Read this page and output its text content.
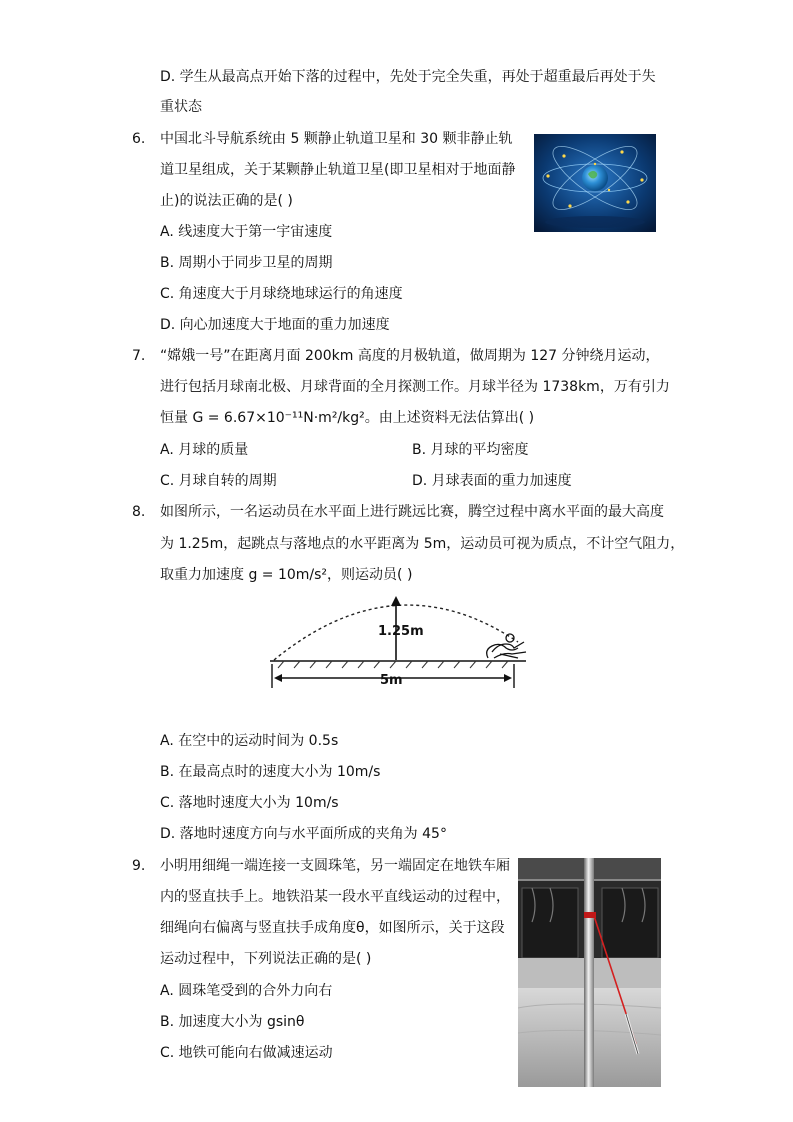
D. 学生从最高点开始下落的过程中，先处于完全失重，再处于超重最后再处于失
重状态
6. 中国北斗导航系统由 5 颗静止轨道卫星和 30 颗非静止轨
道卫星组成，关于某颗静止轨道卫星(即卫星相对于地面静
止)的说法正确的是( )
A. 线速度大于第一宇宙速度
B. 周期小于同步卫星的周期
C. 角速度大于月球绕地球运行的角速度
D. 向心加速度大于地面的重力加速度
7. “嫦娥一号”在距离月面 200km 高度的月极轨道，做周期为 127 分钟绕月运动，
进行包括月球南北极、月球背面的全月探测工作。月球半径为 1738km，万有引力
恒量 G = 6.67×10⁻¹¹N·m²/kg²。由上述资料无法估算出( )
A. 月球的质量	B. 月球的平均密度
C. 月球自转的周期	D. 月球表面的重力加速度
8. 如图所示，一名运动员在水平面上进行跳远比赛，腾空过程中离水平面的最大高度
为 1.25m，起跳点与落地点的水平距离为 5m，运动员可视为质点，不计空气阻力，
取重力加速度 g = 10m/s²，则运动员( )
1.25m
5m
A. 在空中的运动时间为 0.5s
B. 在最高点时的速度大小为 10m/s
C. 落地时速度大小为 10m/s
D. 落地时速度方向与水平面所成的夹角为 45°
9. 小明用细绳一端连接一支圆珠笔，另一端固定在地铁车厢
内的竖直扶手上。地铁沿某一段水平直线运动的过程中，
细绳向右偏离与竖直扶手成角度θ，如图所示，关于这段
运动过程中，下列说法正确的是( )
A. 圆珠笔受到的合外力向右
B. 加速度大小为 gsinθ
C. 地铁可能向右做减速运动
